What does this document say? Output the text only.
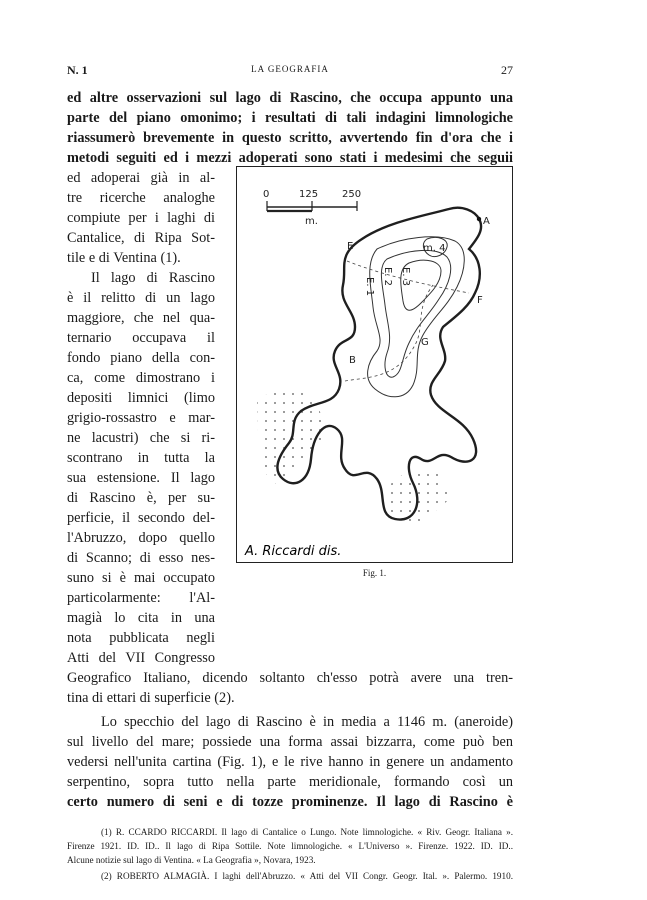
N. 1	LA GEOGRAFIA	27
ed altre osservazioni sul lago di Rascino, che occupa appunto una
parte del piano omonimo; i resultati di tali indagini limnologiche
riassumerò brevemente in questo scritto, avvertendo fin d'ora che i
metodi seguiti ed i mezzi adoperati sono stati i medesimi che seguii
ed adoperai già in al-
tre ricerche analoghe
compiute per i laghi di
Cantalice, di Ripa Sot-
tile e di Ventina (1).
Il lago di Rascino
è il relitto di un lago
maggiore, che nel qua-
ternario occupava il
fondo piano della con-
ca, come dimostrano i
depositi limnici (limo
grigio-rossastro e mar-
ne lacustri) che si ri-
scontrano in tutta la
sua estensione. Il lago
di Rascino è, per su-
perficie, il secondo del-
l'Abruzzo, dopo quello
di Scanno; di esso nes-
suno si è mai occupato
particolarmente: l'Al-
magià lo cita in una
nota pubblicata negli
Atti del VII Congresso
Geografico Italiano, dicendo soltanto ch'esso potrà avere una tren-
tina di ettari di superficie (2).
Lo specchio del lago di Rascino è in media a 1146 m. (aneroide)
sul livello del mare; possiede una forma assai bizzarra, come può ben
vedersi nell'unita cartina (Fig. 1), e le rive hanno in genere un andamento
serpentino, sopra tutto nella parte meridionale, formando così un
certo numero di seni e di tozze prominenze. Il lago di Rascino è
0	125 250
m.	A
E
F
G
B
E. 1
E. 2 E. 3
m. 4
A. Riccardi dis.
Fig. 1.
(1) R. CCARDO RICCARDI. Il lago di Cantalice o Lungo. Note limnologiche. « Riv. Geogr. Italiana ».
Firenze 1921. ID. ID.. Il lago di Ripa Sottile. Note limnologiche. « L'Universo ». Firenze. 1922. ID. ID..
Alcune notizie sul lago di Ventina. « La Geografia », Novara, 1923.
(2) ROBERTO ALMAGIÀ. I laghi dell'Abruzzo. « Atti del VII Congr. Geogr. Ital. ». Palermo. 1910.
